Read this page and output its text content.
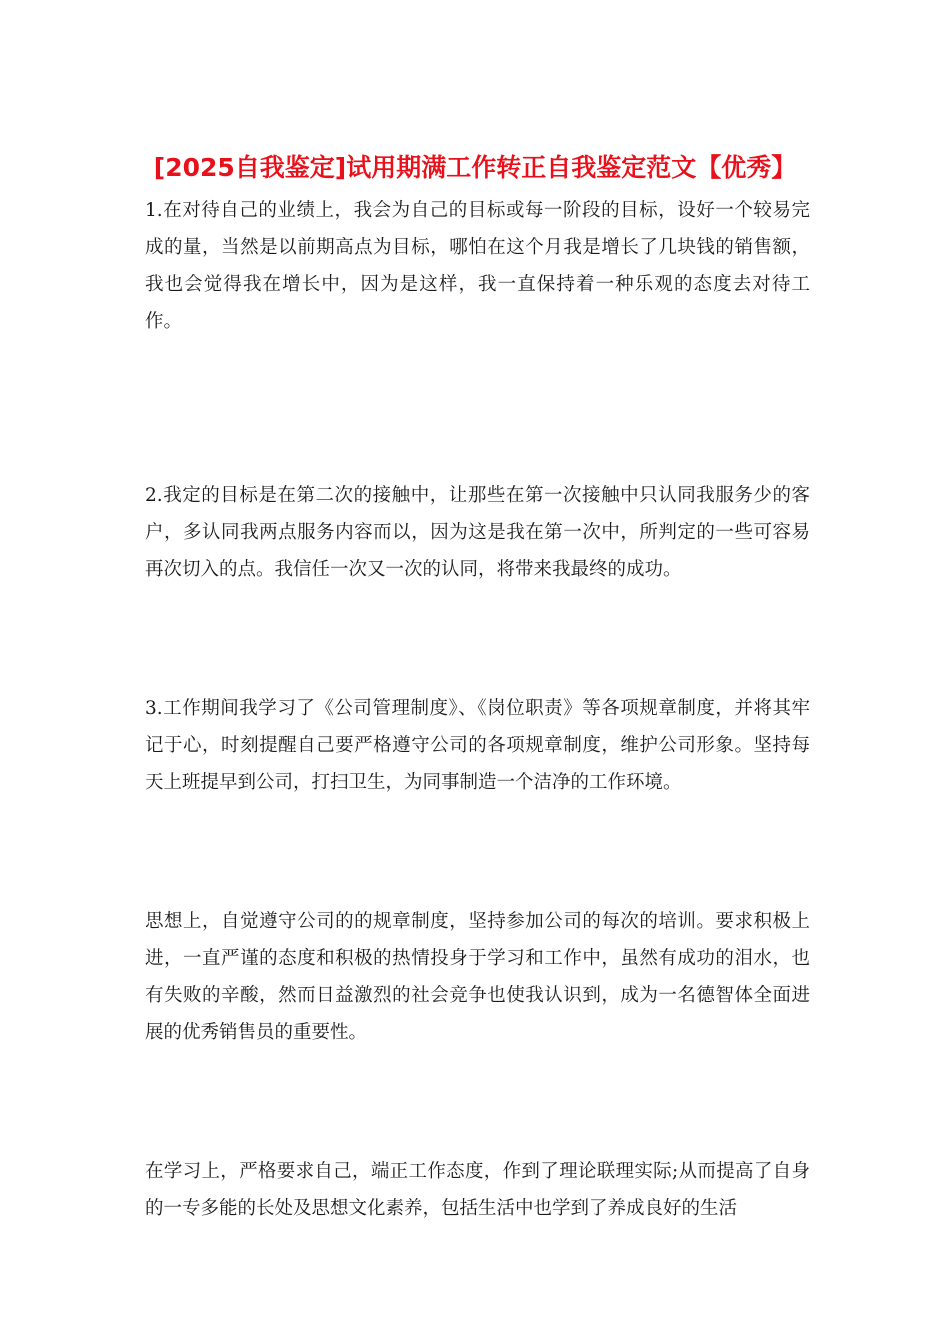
[2025自我鉴定]试用期满工作转正自我鉴定范文【优秀】

1.在对待自己的业绩上，我会为自己的目标或每一阶段的目标，设好一个较易完成的量，当然是以前期高点为目标，哪怕在这个月我是增长了几块钱的销售额，我也会觉得我在增长中，因为是这样，我一直保持着一种乐观的态度去对待工作。

2.我定的目标是在第二次的接触中，让那些在第一次接触中只认同我服务少的客户，多认同我两点服务内容而以，因为这是我在第一次中，所判定的一些可容易再次切入的点。我信任一次又一次的认同，将带来我最终的成功。

3.工作期间我学习了《公司管理制度》、《岗位职责》等各项规章制度，并将其牢记于心，时刻提醒自己要严格遵守公司的各项规章制度，维护公司形象。坚持每天上班提早到公司，打扫卫生，为同事制造一个洁净的工作环境。

思想上，自觉遵守公司的的规章制度，坚持参加公司的每次的培训。要求积极上进，一直严谨的态度和积极的热情投身于学习和工作中，虽然有成功的泪水，也有失败的辛酸，然而日益激烈的社会竞争也使我认识到，成为一名德智体全面进展的优秀销售员的重要性。

在学习上，严格要求自己，端正工作态度，作到了理论联理实际;从而提高了自身的一专多能的长处及思想文化素养，包括生活中也学到了养成良好的生活
